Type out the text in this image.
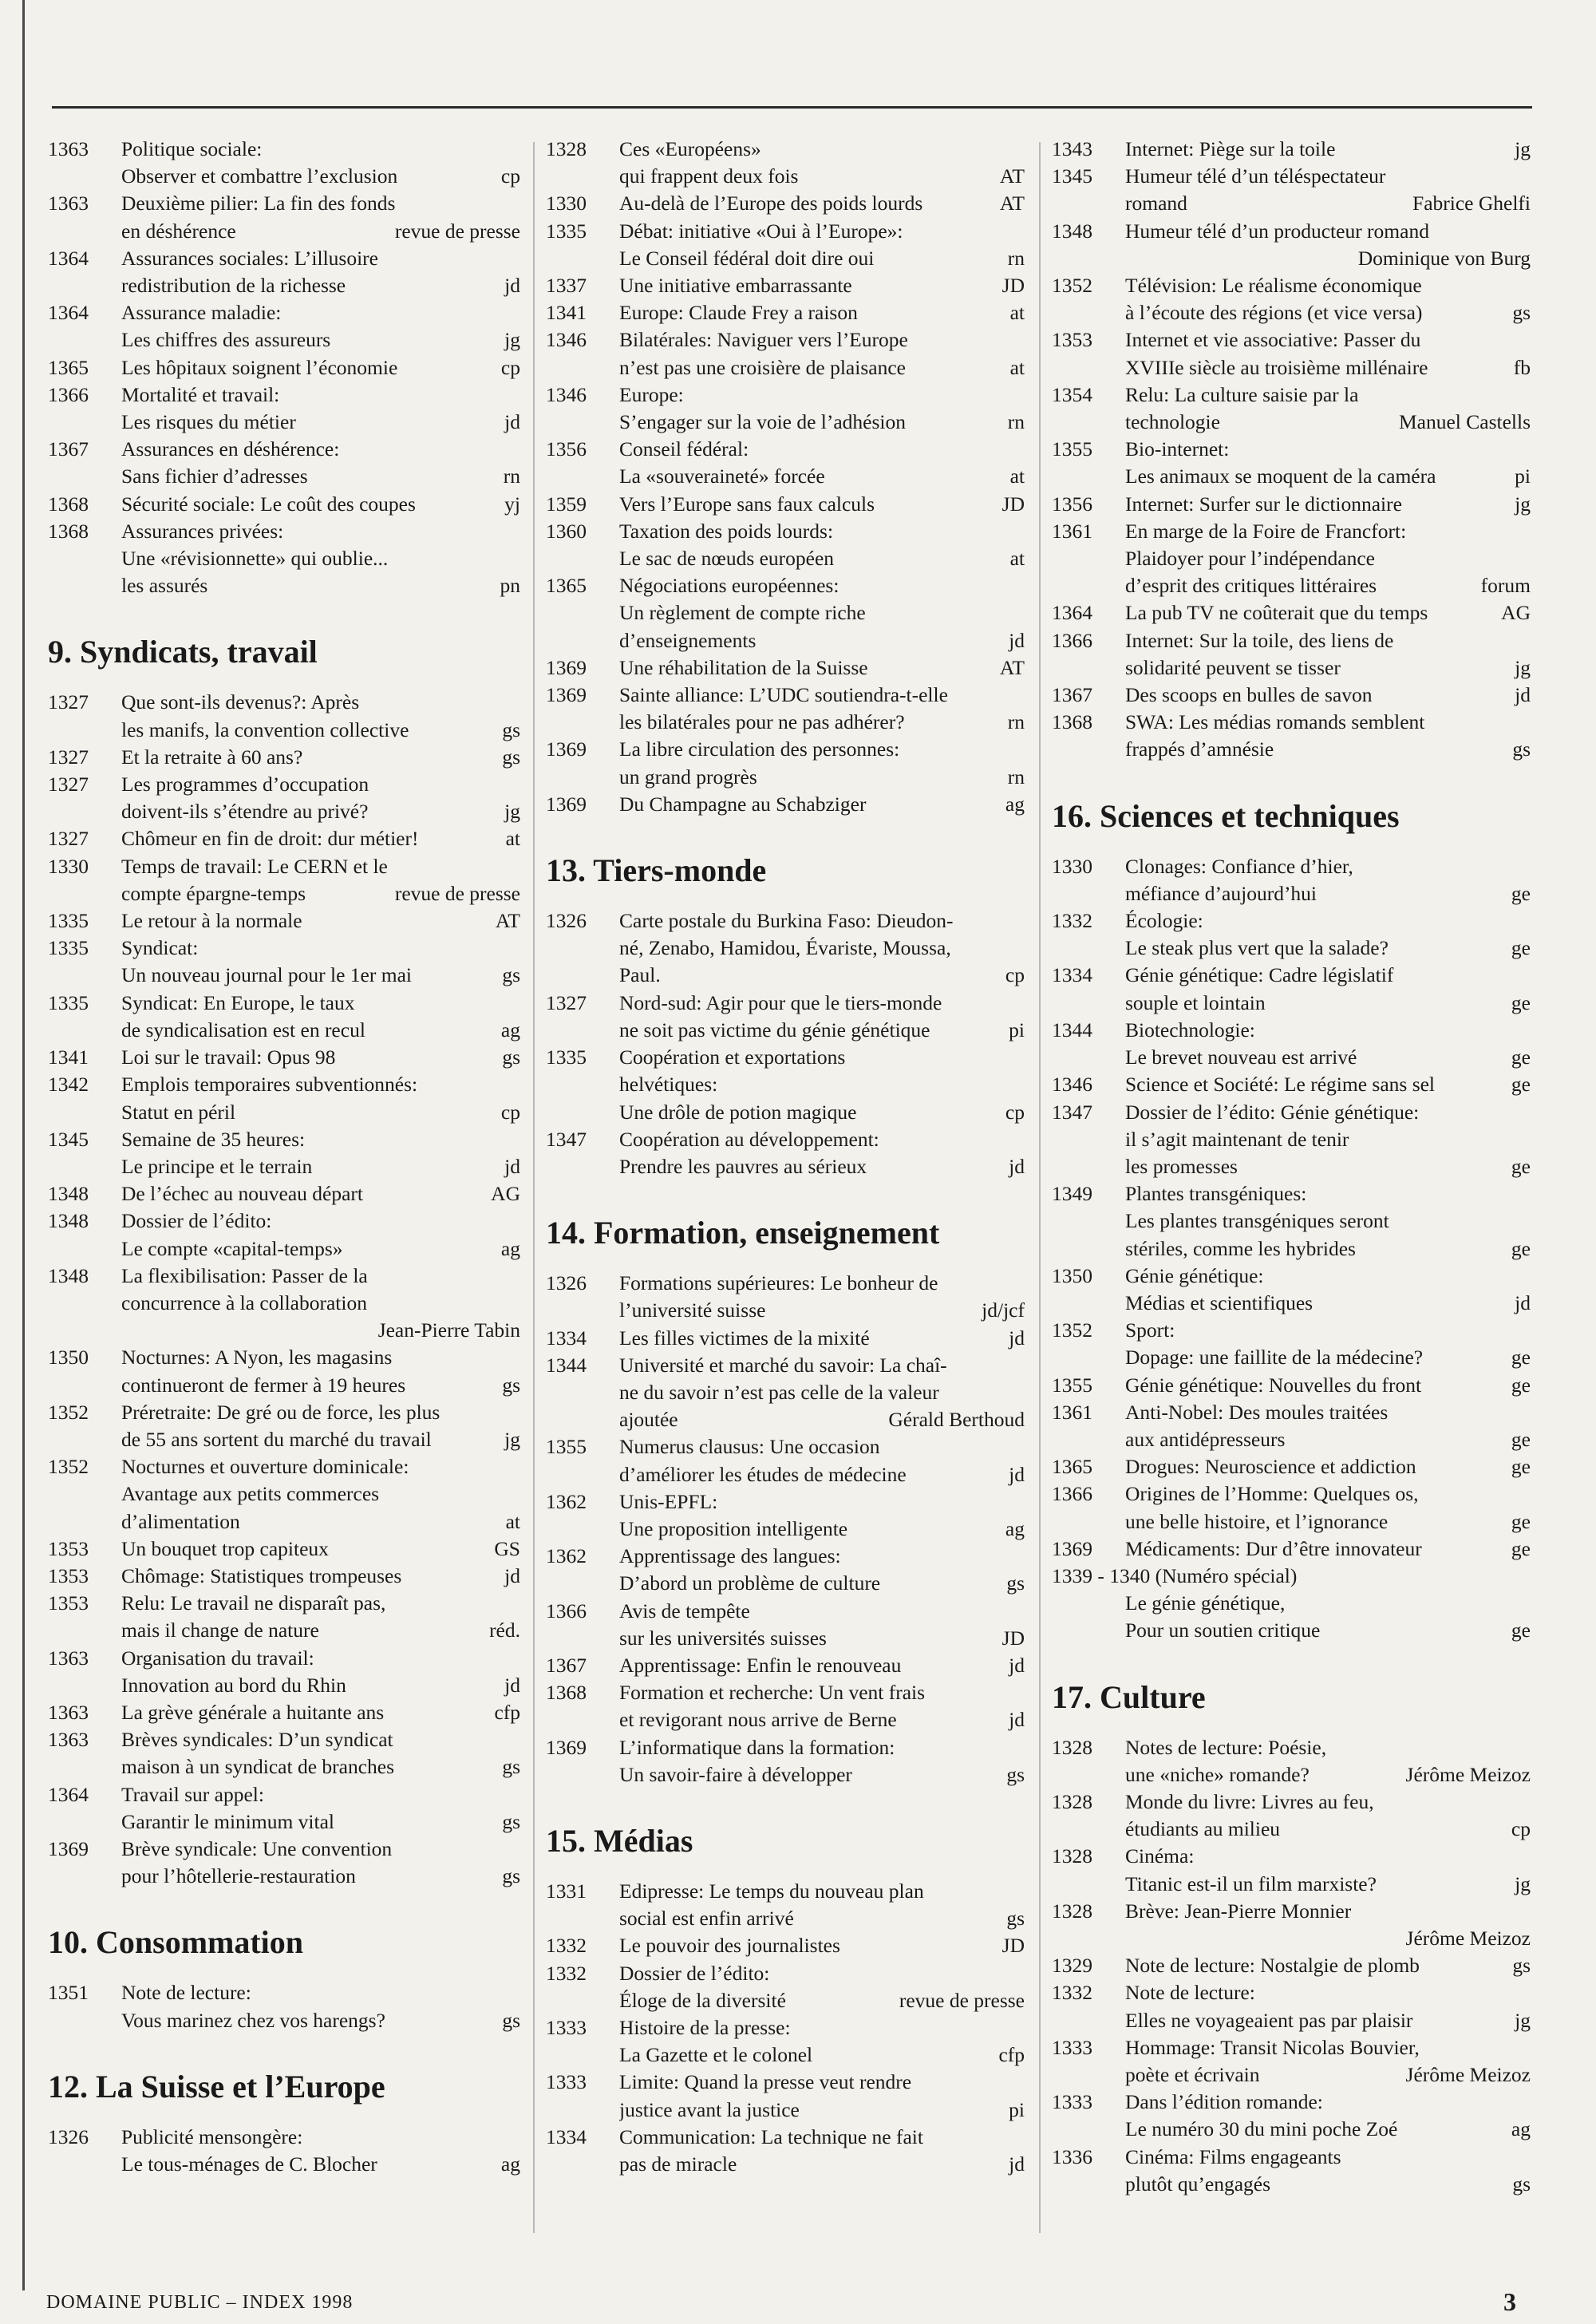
1363	Politique sociale:
Observer et combattre l’exclusion	cp
1363	Deuxième pilier: La fin des fonds
en déshérence	revue de presse
1364	Assurances sociales: L’illusoire
redistribution de la richesse	jd
1364	Assurance maladie:
Les chiffres des assureurs	jg
1365	Les hôpitaux soignent l’économie	cp
1366	Mortalité et travail:
Les risques du métier	jd
1367	Assurances en déshérence:
Sans fichier d’adresses	rn
1368	Sécurité sociale: Le coût des coupes	yj
1368	Assurances privées:
Une «révisionnette» qui oublie...
les assurés	pn
9. Syndicats, travail
1327	Que sont-ils devenus?: Après
les manifs, la convention collective	gs
1327	Et la retraite à 60 ans?	gs
1327	Les programmes d’occupation
doivent-ils s’étendre au privé?	jg
1327	Chômeur en fin de droit: dur métier!	at
1330	Temps de travail: Le CERN et le
compte épargne-temps	revue de presse
1335	Le retour à la normale	AT
1335	Syndicat:
Un nouveau journal pour le 1er mai	gs
1335	Syndicat: En Europe, le taux
de syndicalisation est en recul	ag
1341	Loi sur le travail: Opus 98	gs
1342	Emplois temporaires subventionnés:
Statut en péril	cp
1345	Semaine de 35 heures:
Le principe et le terrain	jd
1348	De l’échec au nouveau départ	AG
1348	Dossier de l’édito:
Le compte «capital-temps»	ag
1348	La flexibilisation: Passer de la
concurrence à la collaboration
Jean-Pierre Tabin
1350	Nocturnes: A Nyon, les magasins
continueront de fermer à 19 heures	gs
1352	Préretraite: De gré ou de force, les plus
de 55 ans sortent du marché du travail	jg
1352	Nocturnes et ouverture dominicale:
Avantage aux petits commerces
d’alimentation	at
1353	Un bouquet trop capiteux	GS
1353	Chômage: Statistiques trompeuses	jd
1353	Relu: Le travail ne disparaît pas,
mais il change de nature	réd.
1363	Organisation du travail:
Innovation au bord du Rhin	jd
1363	La grève générale a huitante ans	cfp
1363	Brèves syndicales: D’un syndicat
maison à un syndicat de branches	gs
1364	Travail sur appel:
Garantir le minimum vital	gs
1369	Brève syndicale: Une convention
pour l’hôtellerie-restauration	gs
10. Consommation
1351	Note de lecture:
Vous marinez chez vos harengs?	gs
12. La Suisse et l’Europe
1326	Publicité mensongère:
Le tous-ménages de C. Blocher	ag
1328	Ces «Européens»
qui frappent deux fois	AT
1330	Au-delà de l’Europe des poids lourds	AT
1335	Débat: initiative «Oui à l’Europe»:
Le Conseil fédéral doit dire oui	rn
1337	Une initiative embarrassante	JD
1341	Europe: Claude Frey a raison	at
1346	Bilatérales: Naviguer vers l’Europe
n’est pas une croisière de plaisance	at
1346	Europe:
S’engager sur la voie de l’adhésion	rn
1356	Conseil fédéral:
La «souveraineté» forcée	at
1359	Vers l’Europe sans faux calculs	JD
1360	Taxation des poids lourds:
Le sac de nœuds européen	at
1365	Négociations européennes:
Un règlement de compte riche
d’enseignements	jd
1369	Une réhabilitation de la Suisse	AT
1369	Sainte alliance: L’UDC soutiendra-t-elle
les bilatérales pour ne pas adhérer?	rn
1369	La libre circulation des personnes:
un grand progrès	rn
1369	Du Champagne au Schabziger	ag
13. Tiers-monde
1326	Carte postale du Burkina Faso: Dieudon-
né, Zenabo, Hamidou, Évariste, Moussa,
Paul.	cp
1327	Nord-sud: Agir pour que le tiers-monde
ne soit pas victime du génie génétique	pi
1335	Coopération et exportations
helvétiques:
Une drôle de potion magique	cp
1347	Coopération au développement:
Prendre les pauvres au sérieux	jd
14. Formation, enseignement
1326	Formations supérieures: Le bonheur de
l’université suisse	jd/jcf
1334	Les filles victimes de la mixité	jd
1344	Université et marché du savoir: La chaî-
ne du savoir n’est pas celle de la valeur
ajoutée	Gérald Berthoud
1355	Numerus clausus: Une occasion
d’améliorer les études de médecine	jd
1362	Unis-EPFL:
Une proposition intelligente	ag
1362	Apprentissage des langues:
D’abord un problème de culture	gs
1366	Avis de tempête
sur les universités suisses	JD
1367	Apprentissage: Enfin le renouveau	jd
1368	Formation et recherche: Un vent frais
et revigorant nous arrive de Berne	jd
1369	L’informatique dans la formation:
Un savoir-faire à développer	gs
15. Médias
1331	Edipresse: Le temps du nouveau plan
social est enfin arrivé	gs
1332	Le pouvoir des journalistes	JD
1332	Dossier de l’édito:
Éloge de la diversité	revue de presse
1333	Histoire de la presse:
La Gazette et le colonel	cfp
1333	Limite: Quand la presse veut rendre
justice avant la justice	pi
1334	Communication: La technique ne fait
pas de miracle	jd
1343	Internet: Piège sur la toile	jg
1345	Humeur télé d’un téléspectateur
romand	Fabrice Ghelfi
1348	Humeur télé d’un producteur romand
Dominique von Burg
1352	Télévision: Le réalisme économique
à l’écoute des régions (et vice versa)	gs
1353	Internet et vie associative: Passer du
XVIIIe siècle au troisième millénaire	fb
1354	Relu: La culture saisie par la
technologie	Manuel Castells
1355	Bio-internet:
Les animaux se moquent de la caméra	pi
1356	Internet: Surfer sur le dictionnaire	jg
1361	En marge de la Foire de Francfort:
Plaidoyer pour l’indépendance
d’esprit des critiques littéraires	forum
1364	La pub TV ne coûterait que du temps	AG
1366	Internet: Sur la toile, des liens de
solidarité peuvent se tisser	jg
1367	Des scoops en bulles de savon	jd
1368	SWA: Les médias romands semblent
frappés d’amnésie	gs
16. Sciences et techniques
1330	Clonages: Confiance d’hier,
méfiance d’aujourd’hui	ge
1332	Écologie:
Le steak plus vert que la salade?	ge
1334	Génie génétique: Cadre législatif
souple et lointain	ge
1344	Biotechnologie:
Le brevet nouveau est arrivé	ge
1346	Science et Société: Le régime sans sel	ge
1347	Dossier de l’édito: Génie génétique:
il s’agit maintenant de tenir
les promesses	ge
1349	Plantes transgéniques:
Les plantes transgéniques seront
stériles, comme les hybrides	ge
1350	Génie génétique:
Médias et scientifiques	jd
1352	Sport:
Dopage: une faillite de la médecine?	ge
1355	Génie génétique: Nouvelles du front	ge
1361	Anti-Nobel: Des moules traitées
aux antidépresseurs	ge
1365	Drogues: Neuroscience et addiction	ge
1366	Origines de l’Homme: Quelques os,
une belle histoire, et l’ignorance	ge
1369	Médicaments: Dur d’être innovateur	ge
1339 - 1340 (Numéro spécial)
Le génie génétique,
Pour un soutien critique	ge
17. Culture
1328	Notes de lecture: Poésie,
une «niche» romande?	Jérôme Meizoz
1328	Monde du livre: Livres au feu,
étudiants au milieu	cp
1328	Cinéma:
Titanic est-il un film marxiste?	jg
1328	Brève: Jean-Pierre Monnier
Jérôme Meizoz
1329	Note de lecture: Nostalgie de plomb	gs
1332	Note de lecture:
Elles ne voyageaient pas par plaisir	jg
1333	Hommage: Transit Nicolas Bouvier,
poète et écrivain	Jérôme Meizoz
1333	Dans l’édition romande:
Le numéro 30 du mini poche Zoé	ag
1336	Cinéma: Films engageants
plutôt qu’engagés	gs
DOMAINE PUBLIC – INDEX 1998	3
